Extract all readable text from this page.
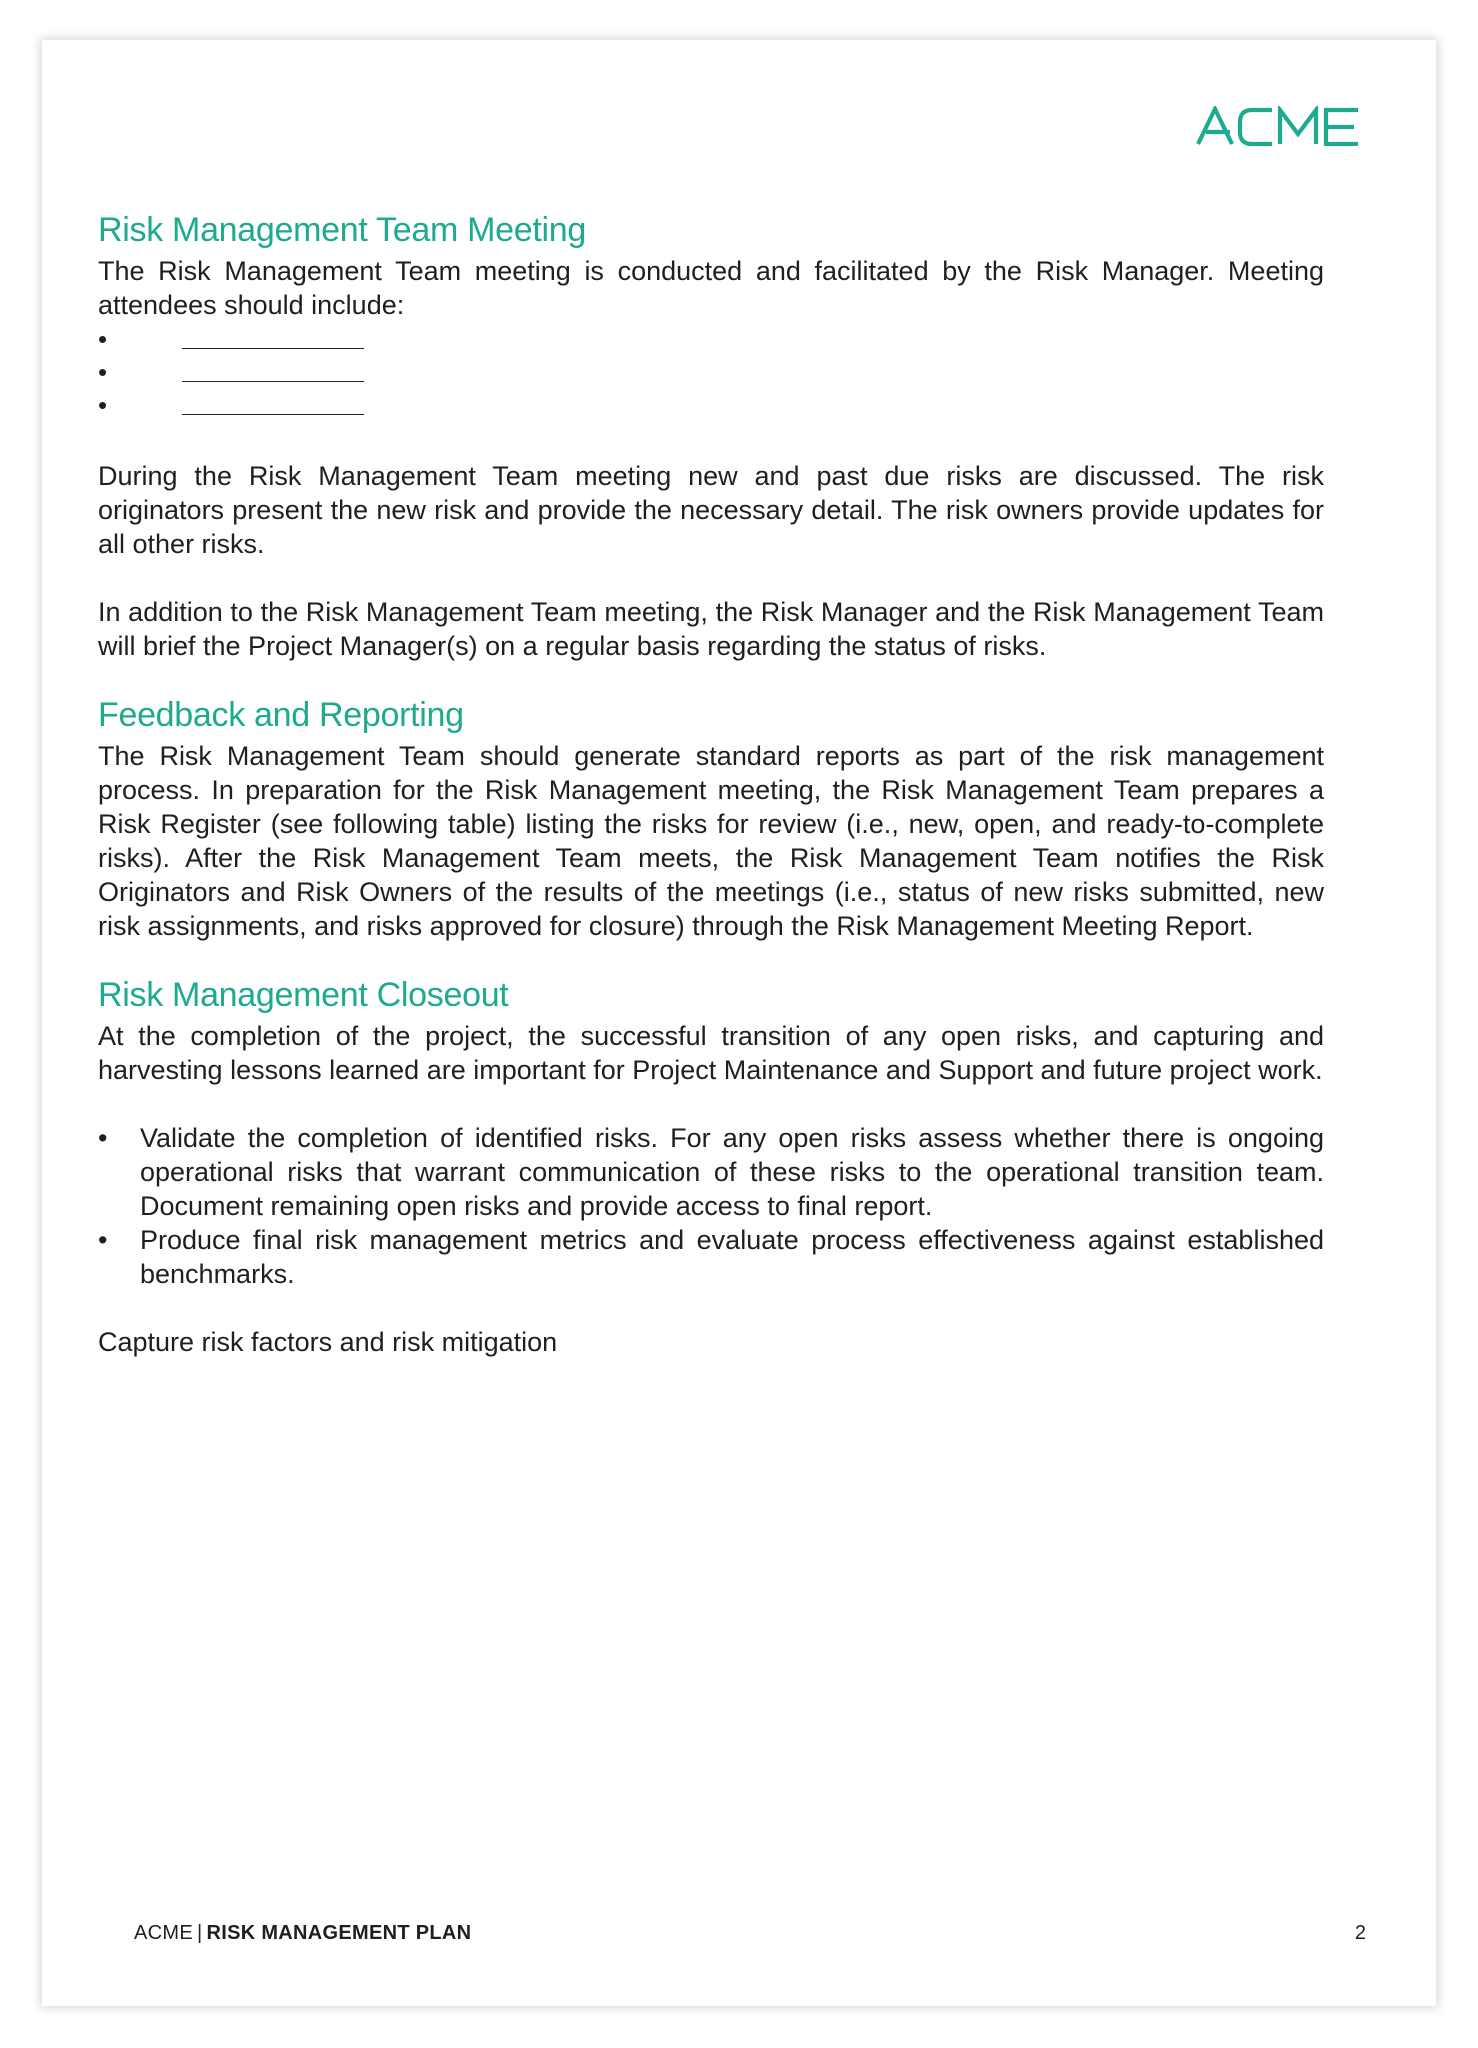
Risk Management Team Meeting

The Risk Management Team meeting is conducted and facilitated by the Risk Manager. Meeting attendees should include:

•
•
•

During the Risk Management Team meeting new and past due risks are discussed. The risk originators present the new risk and provide the necessary detail. The risk owners provide updates for all other risks.

In addition to the Risk Management Team meeting, the Risk Manager and the Risk Management Team will brief the Project Manager(s) on a regular basis regarding the status of risks.

Feedback and Reporting

The Risk Management Team should generate standard reports as part of the risk management process. In preparation for the Risk Management meeting, the Risk Management Team prepares a Risk Register (see following table) listing the risks for review (i.e., new, open, and ready-to-complete risks). After the Risk Management Team meets, the Risk Management Team notifies the Risk Originators and Risk Owners of the results of the meetings (i.e., status of new risks submitted, new risk assignments, and risks approved for closure) through the Risk Management Meeting Report.

Risk Management Closeout

At the completion of the project, the successful transition of any open risks, and capturing and harvesting lessons learned are important for Project Maintenance and Support and future project work.

• Validate the completion of identified risks. For any open risks assess whether there is ongoing operational risks that warrant communication of these risks to the operational transition team. Document remaining open risks and provide access to final report.
• Produce final risk management metrics and evaluate process effectiveness against established benchmarks.

Capture risk factors and risk mitigation

ACME | RISK MANAGEMENT PLAN	2
